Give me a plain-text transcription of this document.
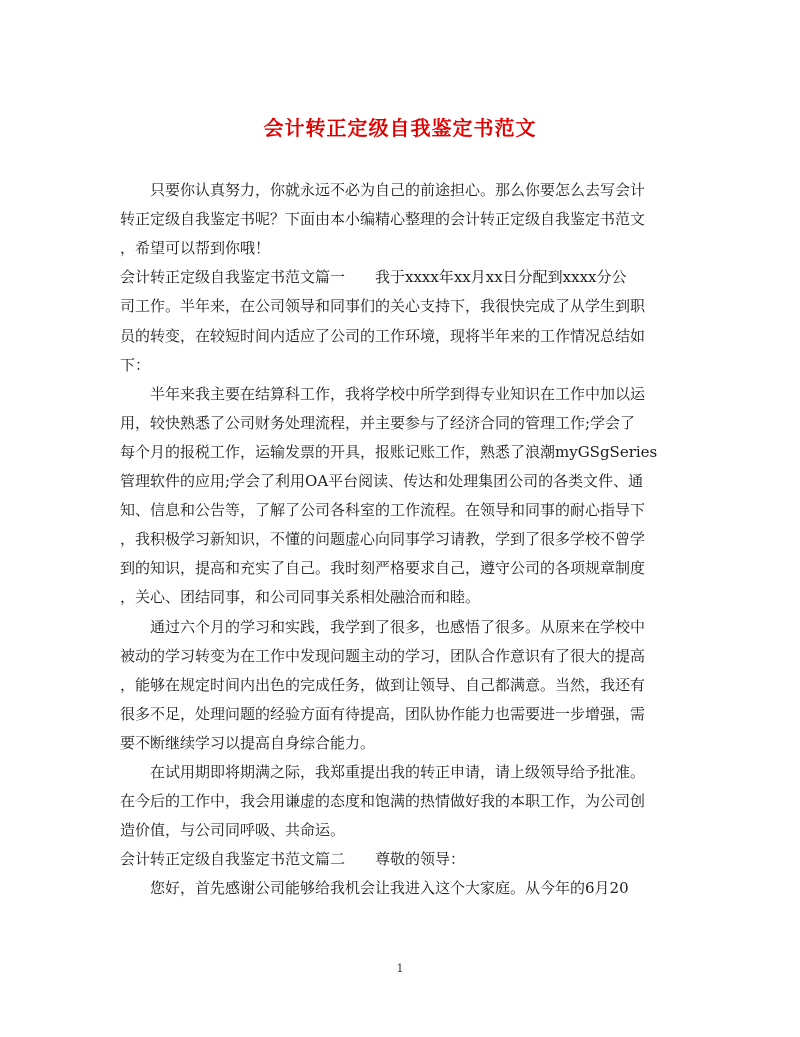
会计转正定级自我鉴定书范文
　　只要你认真努力，你就永远不必为自己的前途担心。那么你要怎么去写会计
转正定级自我鉴定书呢？下面由本小编精心整理的会计转正定级自我鉴定书范文
，希望可以帮到你哦！
会计转正定级自我鉴定书范文篇一　　我于xxxx年xx月xx日分配到xxxx分公
司工作。半年来，在公司领导和同事们的关心支持下，我很快完成了从学生到职
员的转变，在较短时间内适应了公司的工作环境，现将半年来的工作情况总结如
下：
　　半年来我主要在结算科工作，我将学校中所学到得专业知识在工作中加以运
用，较快熟悉了公司财务处理流程，并主要参与了经济合同的管理工作;学会了
每个月的报税工作，运输发票的开具，报账记账工作，熟悉了浪潮myGSgSeries
管理软件的应用;学会了利用OA平台阅读、传达和处理集团公司的各类文件、通
知、信息和公告等，了解了公司各科室的工作流程。在领导和同事的耐心指导下
，我积极学习新知识，不懂的问题虚心向同事学习请教，学到了很多学校不曾学
到的知识，提高和充实了自己。我时刻严格要求自己，遵守公司的各项规章制度
，关心、团结同事，和公司同事关系相处融洽而和睦。
　　通过六个月的学习和实践，我学到了很多，也感悟了很多。从原来在学校中
被动的学习转变为在工作中发现问题主动的学习，团队合作意识有了很大的提高
，能够在规定时间内出色的完成任务，做到让领导、自己都满意。当然，我还有
很多不足，处理问题的经验方面有待提高，团队协作能力也需要进一步增强，需
要不断继续学习以提高自身综合能力。
　　在试用期即将期满之际，我郑重提出我的转正申请，请上级领导给予批准。
在今后的工作中，我会用谦虚的态度和饱满的热情做好我的本职工作，为公司创
造价值，与公司同呼吸、共命运。
会计转正定级自我鉴定书范文篇二　　尊敬的领导：
　　您好，首先感谢公司能够给我机会让我进入这个大家庭。从今年的6月20
1
